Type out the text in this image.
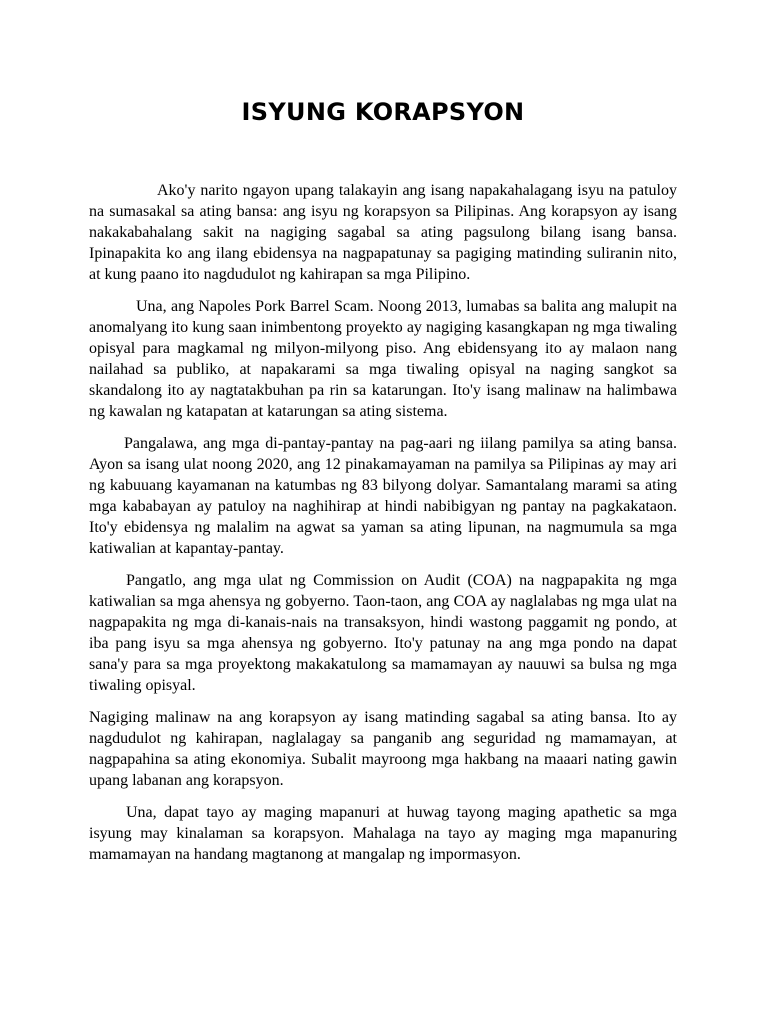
ISYUNG KORAPSYON

Ako'y narito ngayon upang talakayin ang isang napakahalagang isyu na patuloy na sumasakal sa ating bansa: ang isyu ng korapsyon sa Pilipinas. Ang korapsyon ay isang nakakabahalang sakit na nagiging sagabal sa ating pagsulong bilang isang bansa. Ipinapakita ko ang ilang ebidensya na nagpapatunay sa pagiging matinding suliranin nito, at kung paano ito nagdudulot ng kahirapan sa mga Pilipino.

Una, ang Napoles Pork Barrel Scam. Noong 2013, lumabas sa balita ang malupit na anomalyang ito kung saan inimbentong proyekto ay nagiging kasangkapan ng mga tiwaling opisyal para magkamal ng milyon-milyong piso. Ang ebidensyang ito ay malaon nang nailahad sa publiko, at napakarami sa mga tiwaling opisyal na naging sangkot sa skandalong ito ay nagtatakbuhan pa rin sa katarungan. Ito'y isang malinaw na halimbawa ng kawalan ng katapatan at katarungan sa ating sistema.

Pangalawa, ang mga di-pantay-pantay na pag-aari ng iilang pamilya sa ating bansa. Ayon sa isang ulat noong 2020, ang 12 pinakamayaman na pamilya sa Pilipinas ay may ari ng kabuuang kayamanan na katumbas ng 83 bilyong dolyar. Samantalang marami sa ating mga kababayan ay patuloy na naghihirap at hindi nabibigyan ng pantay na pagkakataon. Ito'y ebidensya ng malalim na agwat sa yaman sa ating lipunan, na nagmumula sa mga katiwalian at kapantay-pantay.

Pangatlo, ang mga ulat ng Commission on Audit (COA) na nagpapakita ng mga katiwalian sa mga ahensya ng gobyerno. Taon-taon, ang COA ay naglalabas ng mga ulat na nagpapakita ng mga di-kanais-nais na transaksyon, hindi wastong paggamit ng pondo, at iba pang isyu sa mga ahensya ng gobyerno. Ito'y patunay na ang mga pondo na dapat sana'y para sa mga proyektong makakatulong sa mamamayan ay nauuwi sa bulsa ng mga tiwaling opisyal.

Nagiging malinaw na ang korapsyon ay isang matinding sagabal sa ating bansa. Ito ay nagdudulot ng kahirapan, naglalagay sa panganib ang seguridad ng mamamayan, at nagpapahina sa ating ekonomiya. Subalit mayroong mga hakbang na maaari nating gawin upang labanan ang korapsyon.

Una, dapat tayo ay maging mapanuri at huwag tayong maging apathetic sa mga isyung may kinalaman sa korapsyon. Mahalaga na tayo ay maging mga mapanuring mamamayan na handang magtanong at mangalap ng impormasyon.
